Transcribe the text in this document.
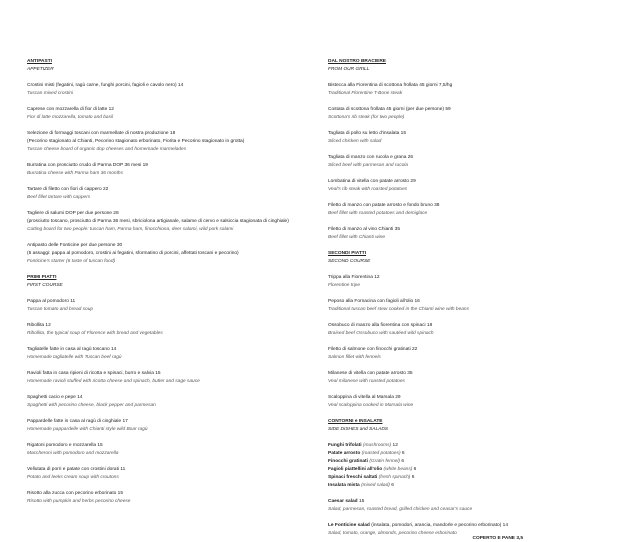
ANTIPASTI
APPETIZER
Crostini misti (fegatini, ragù carne, funghi porcini, fagioli e cavolo nero) 14
Tuscan mixed crostini
Caprese con mozzarella di fior di latte 12
Fior di latte mozzarella, tomato and basil
Selezione di formaggi toscani con marmellate di nostra produzione 18
(Pecorino stagionato al Chianti, Pecorino stagionato erborinato, Fiorita e Pecorino stagionato in grotta)
Tuscan cheese board of organic dop cheeses and homemade marmelades
Burratina con prosciutto crudo di Parma DOP 36 mesi 19
Burratina cheese with Parma ham 36 months
Tartare di filetto con fiori di cappero 22
Beef fillet tartare with cappers
Tagliere di salumi DOP per due persone 28
(prosciutto toscano, prosciutto di Parma 36 mesi, sbriciolona artigianale, salame di cervo e salsiccia stagionata di cinghiale)
Cutting board for two people: tuscan ham, Parma ham, finocchiona, deer salami, wild pork salami
Antipasto delle Fonticine per due persone 30
(5 assaggi: pappa al pomodoro, crostini ai fegatini, sformatino di porcini, affettati toscani e pecorino)
Fonticine's starter (6 taste of tuscan food)
PRIMI PIATTI
FIRST COURSE
Pappa al pomodoro 11
Tuscan tomato and bread soup
Ribollita 12
Ribollita, the typical soup of Florence with bread and vegetables
Tagliatelle fatte in casa al ragù toscano 14
Homemade tagliatelle with Tuscan beef ragù
Ravioli fatta in casa ripieni di ricotta e spinaci, burro e salvia 15
Homemade ravioli stuffed with ricotta cheese and spinach, butter and sage sauce
Spaghetti cacio e pepe 14
Spaghetti with pecorino cheese, black pepper and parmesan
Pappardelle fatte in casa al ragù di cinghiale 17
Homemade pappardelle with Chianti style wild Boar ragù
Rigatoni pomodoro e mozzarella 15
Maccheroni with pomodoro and mozzarella
Vellutata di porri e patate con crostini dorati 11
Potato and leeks cream soup with croutons
Risotto alla zucca con pecorino erborinato 15
Risotto with pumpkin and herbs pecorino cheese
DAL NOSTRO BRACIERE
FROM OUR GRILL
Bistecca alla Fiorentina di scottona frollata 45 giorni 7,5/hg
Traditional Florentine T-Bone steak
Costata di scottona frollata 45 giorni (per due persone) 59
Scottona's rib steak (for two people)
Tagliata di pollo su letto d'insalata 15
Sliced chicken with salad
Tagliata di manzo con rucola e grana 26
Sliced beef with parmesan and rucola
Lombatina di vitella con patate arrosto 29
Veal's rib steak with roasted potatoes
Filetto di manzo con patate arrosto e fondo bruno 38
Beef fillet with roasted potatoes and demiglace
Filetto di manzo al vino Chianti 35
Beef fillet with Chianti wine
SECONDI PIATTI
SECOND COURSE
Trippa alla Fiorentina 12
Florentine tripe
Peposo alla Fornacina con fagioli all'olio 16
Traditional tuscan beef stew cooked in the Chianti wine with beans
Ossobuco di manzo alla fiorentina con spinaci 18
Braised beef Ossobuco with sautéed wild spinach
Filetto di salmone con finocchi gratinati 22
Salmon fillet with fennels
Milanese di vitella con patate arrosto 35
Veal milanese with roasted potatoes
Scaloppina di vitella al Marsala 29
Veal scaloppina cooked in Marsala wine
CONTORNI e INSALATE
SIDE DISHES and SALADS
Funghi trifolati (mushrooms) 12
Patate arrosto (roasted potatoes) 6
Finocchi gratinati (Gratin fennel) 6
Fagioli piattellini all'olio (white beans) 6
Spinaci freschi saltati (fresh spinach) 6
Insalata mista (mixed salad) 6
Caesar salad 15
Salad, parmesan, roasted bread, grilled chicken and ceasar's sauce
Le Fonticine salad (insalata, pomodori, arancia, mandorle e pecorino erborinato) 14
Salad, tomato, orange, almonds, pecorino cheese erborinato
COPERTO E PANE 3,5
